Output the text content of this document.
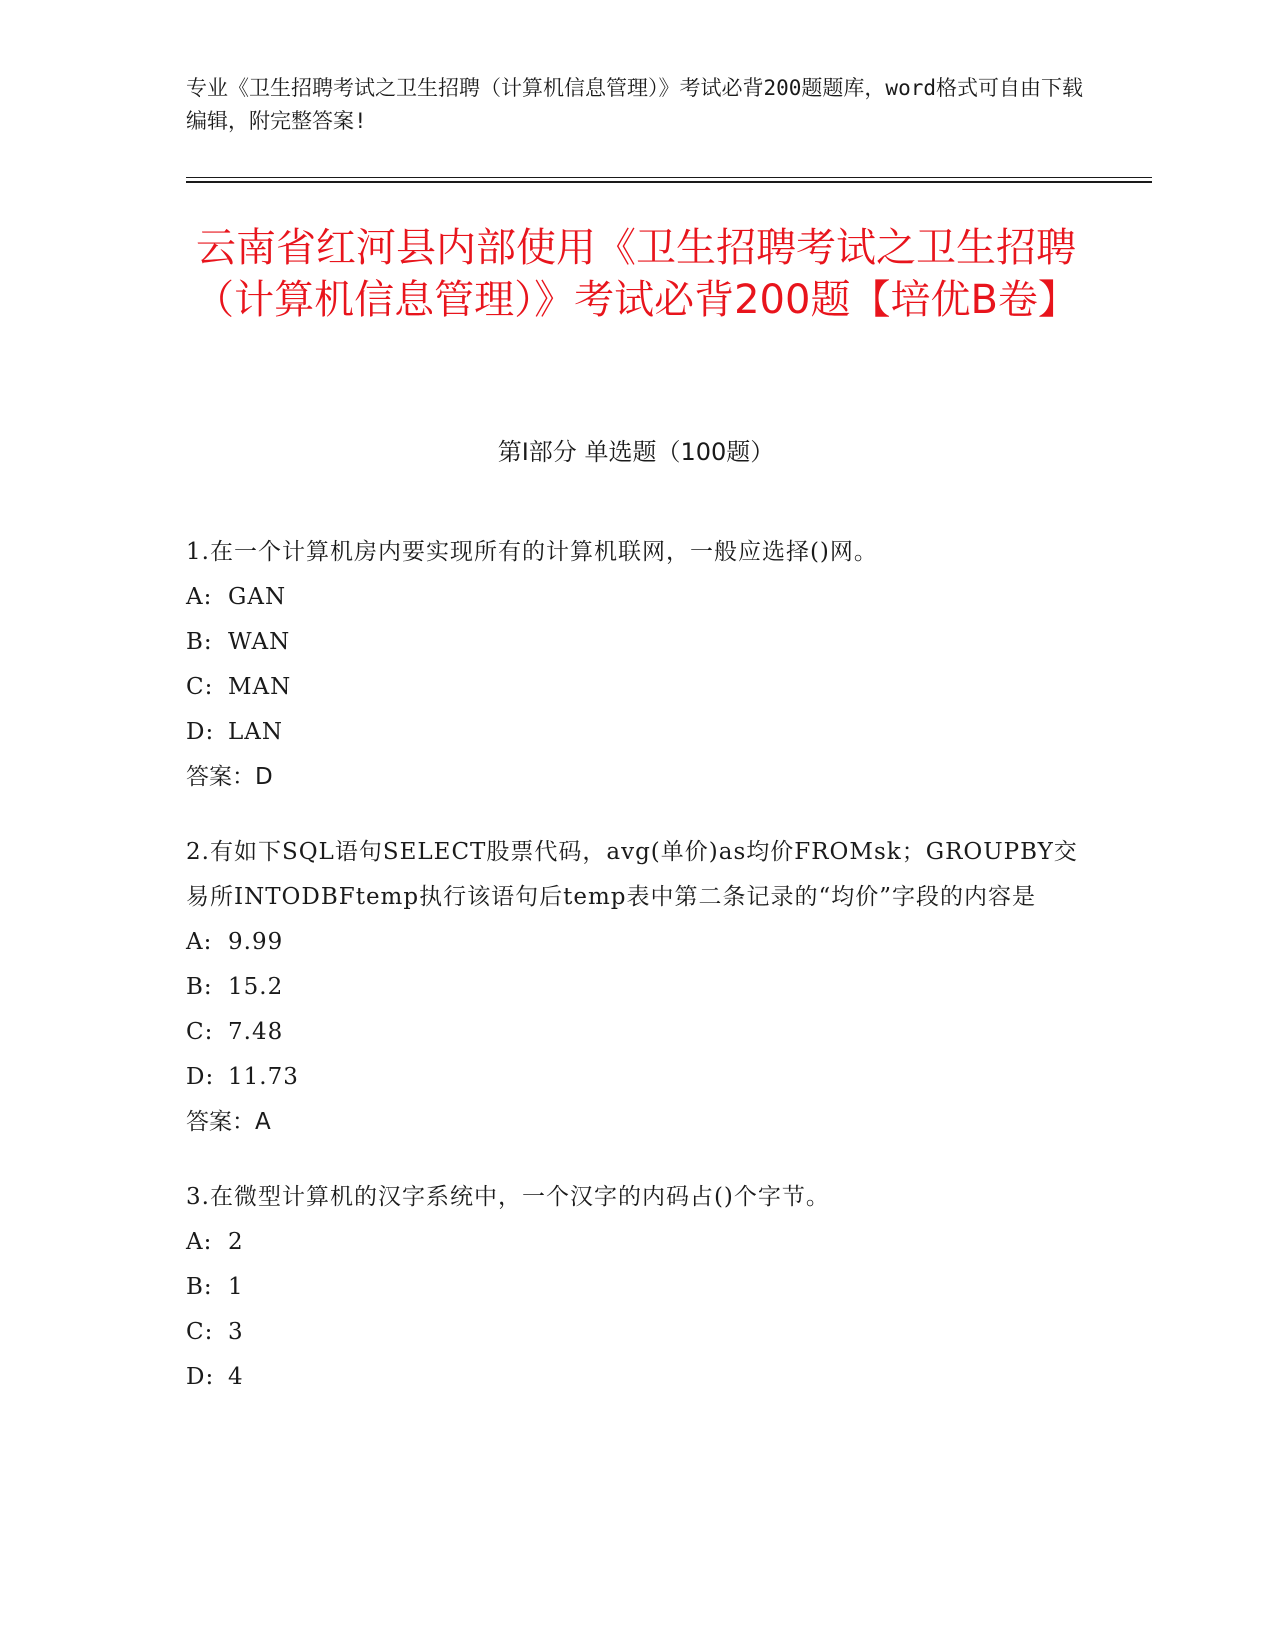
专业《卫生招聘考试之卫生招聘（计算机信息管理）》考试必背200题题库，word格式可自由下载编辑，附完整答案!
云南省红河县内部使用《卫生招聘考试之卫生招聘（计算机信息管理）》考试必背200题【培优B卷】
第I部分 单选题（100题）

1.在一个计算机房内要实现所有的计算机联网，一般应选择()网。

A: GAN
B: WAN
C: MAN
D: LAN
答案：D

2.有如下SQL语句SELECT股票代码，avg(单价)as均价FROMsk；GROUPBY交易所INTODBFtemp执行该语句后temp表中第二条记录的“均价”字段的内容是

A: 9.99
B: 15.2
C: 7.48
D: 11.73
答案：A

3.在微型计算机的汉字系统中，一个汉字的内码占()个字节。

A: 2
B: 1
C: 3
D: 4
